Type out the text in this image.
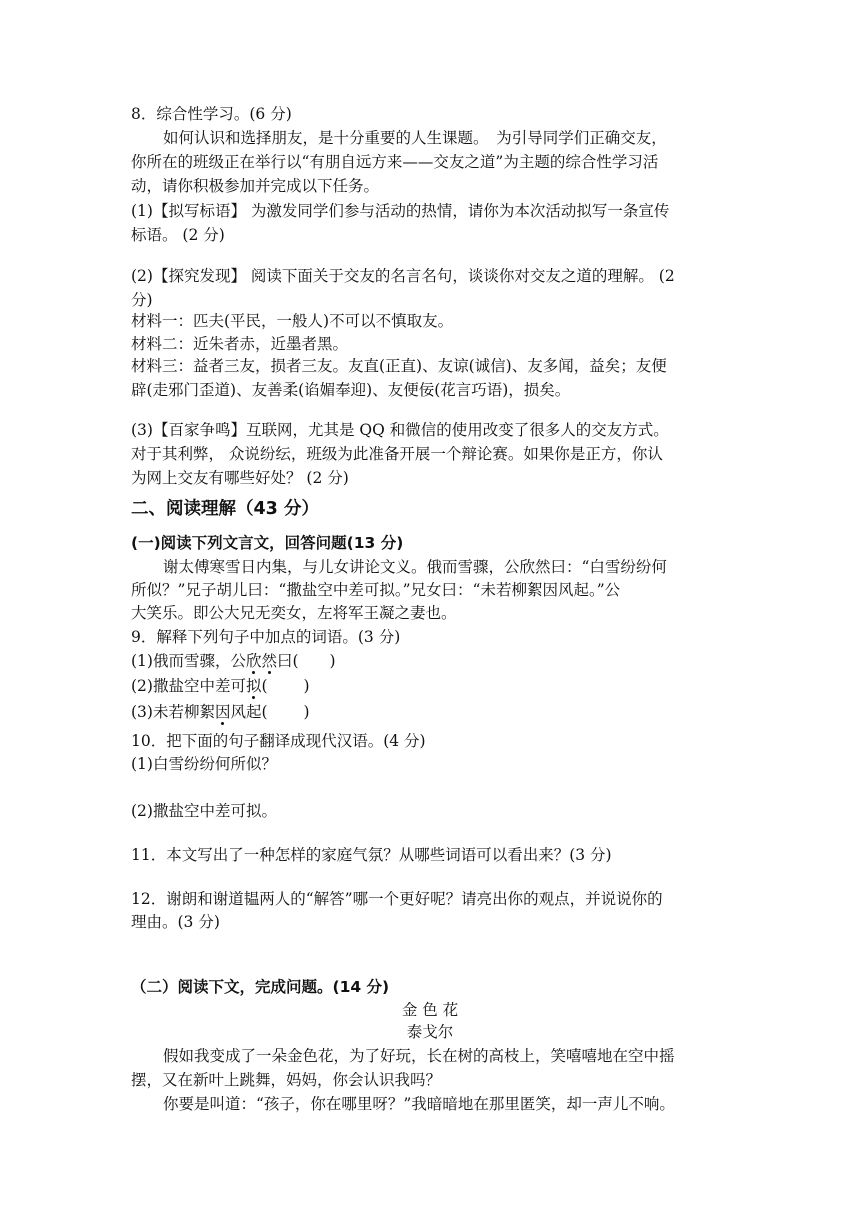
8．综合性学习。(6 分)
如何认识和选择朋友，是十分重要的人生课题。　为引导同学们正确交友，
你所在的班级正在举行以“有朋自远方来——交友之道”为主题的综合性学习活
动，请你积极参加并完成以下任务。
(1)【拟写标语】 为激发同学们参与活动的热情，请你为本次活动拟写一条宣传
标语。 (2 分)
(2)【探究发现】 阅读下面关于交友的名言名句，谈谈你对交友之道的理解。 (2
分)
材料一：匹夫(平民，一般人)不可以不慎取友。
材料二：近朱者赤，近墨者黑。
材料三：益者三友，损者三友。友直(正直)、友谅(诚信)、友多闻，益矣；友便
辟(走邪门歪道)、友善柔(谄媚奉迎)、友便佞(花言巧语)，损矣。
(3)【百家争鸣】互联网，尤其是 QQ 和微信的使用改变了很多人的交友方式。
对于其利弊， 众说纷纭，班级为此准备开展一个辩论赛。如果你是正方，你认
为网上交友有哪些好处？ (2 分)
二、阅读理解（43 分）
(一)阅读下列文言文，回答问题(13 分)
谢太傅寒雪日内集，与儿女讲论文义。俄而雪骤，公欣然曰：“白雪纷纷何
所似？”兄子胡儿曰：“撒盐空中差可拟。”兄女曰：“未若柳絮因风起。”公
大笑乐。即公大兄无奕女，左将军王凝之妻也。
9．解释下列句子中加点的词语。(3 分)
(1)俄而雪骤，公欣然曰(　　)
(2)撒盐空中差可拟(　　 )
(3)未若柳絮因风起(　　 )
10．把下面的句子翻译成现代汉语。(4 分)
(1)白雪纷纷何所似？
(2)撒盐空中差可拟。
11．本文写出了一种怎样的家庭气氛？从哪些词语可以看出来？(3 分)
12．谢朗和谢道韫两人的“解答”哪一个更好呢？请亮出你的观点，并说说你的
理由。(3 分)
（二）阅读下文，完成问题。(14 分)
金 色 花
泰戈尔
假如我变成了一朵金色花，为了好玩，长在树的高枝上，笑嘻嘻地在空中摇
摆，又在新叶上跳舞，妈妈，你会认识我吗？
你要是叫道：“孩子，你在哪里呀？”我暗暗地在那里匿笑，却一声儿不响。
